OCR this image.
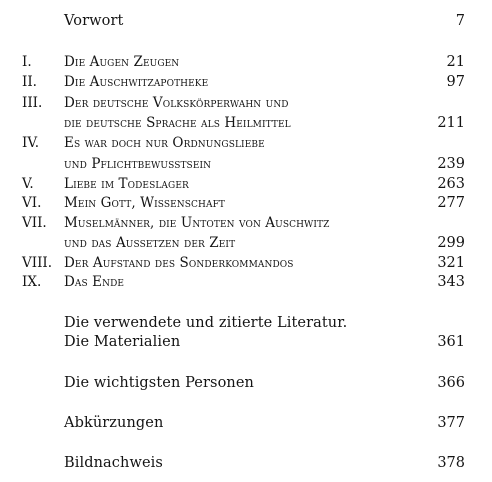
Vorwort	7
I. Die Augen Zeugen	21
II. Die Auschwitzapotheke	97
III. Der deutsche Volkskörperwahn und
die deutsche Sprache als Heilmittel	211
IV. Es war doch nur Ordnungsliebe
und Pflichtbewusstsein	239
V. Liebe im Todeslager	263
VI. Mein Gott, Wissenschaft	277
VII. Muselmänner, die Untoten von Auschwitz
und das Aussetzen der Zeit	299
VIII. Der Aufstand des Sonderkommandos	321
IX. Das Ende	343
Die verwendete und zitierte Literatur.
Die Materialien	361
Die wichtigsten Personen	366
Abkürzungen	377
Bildnachweis	378
